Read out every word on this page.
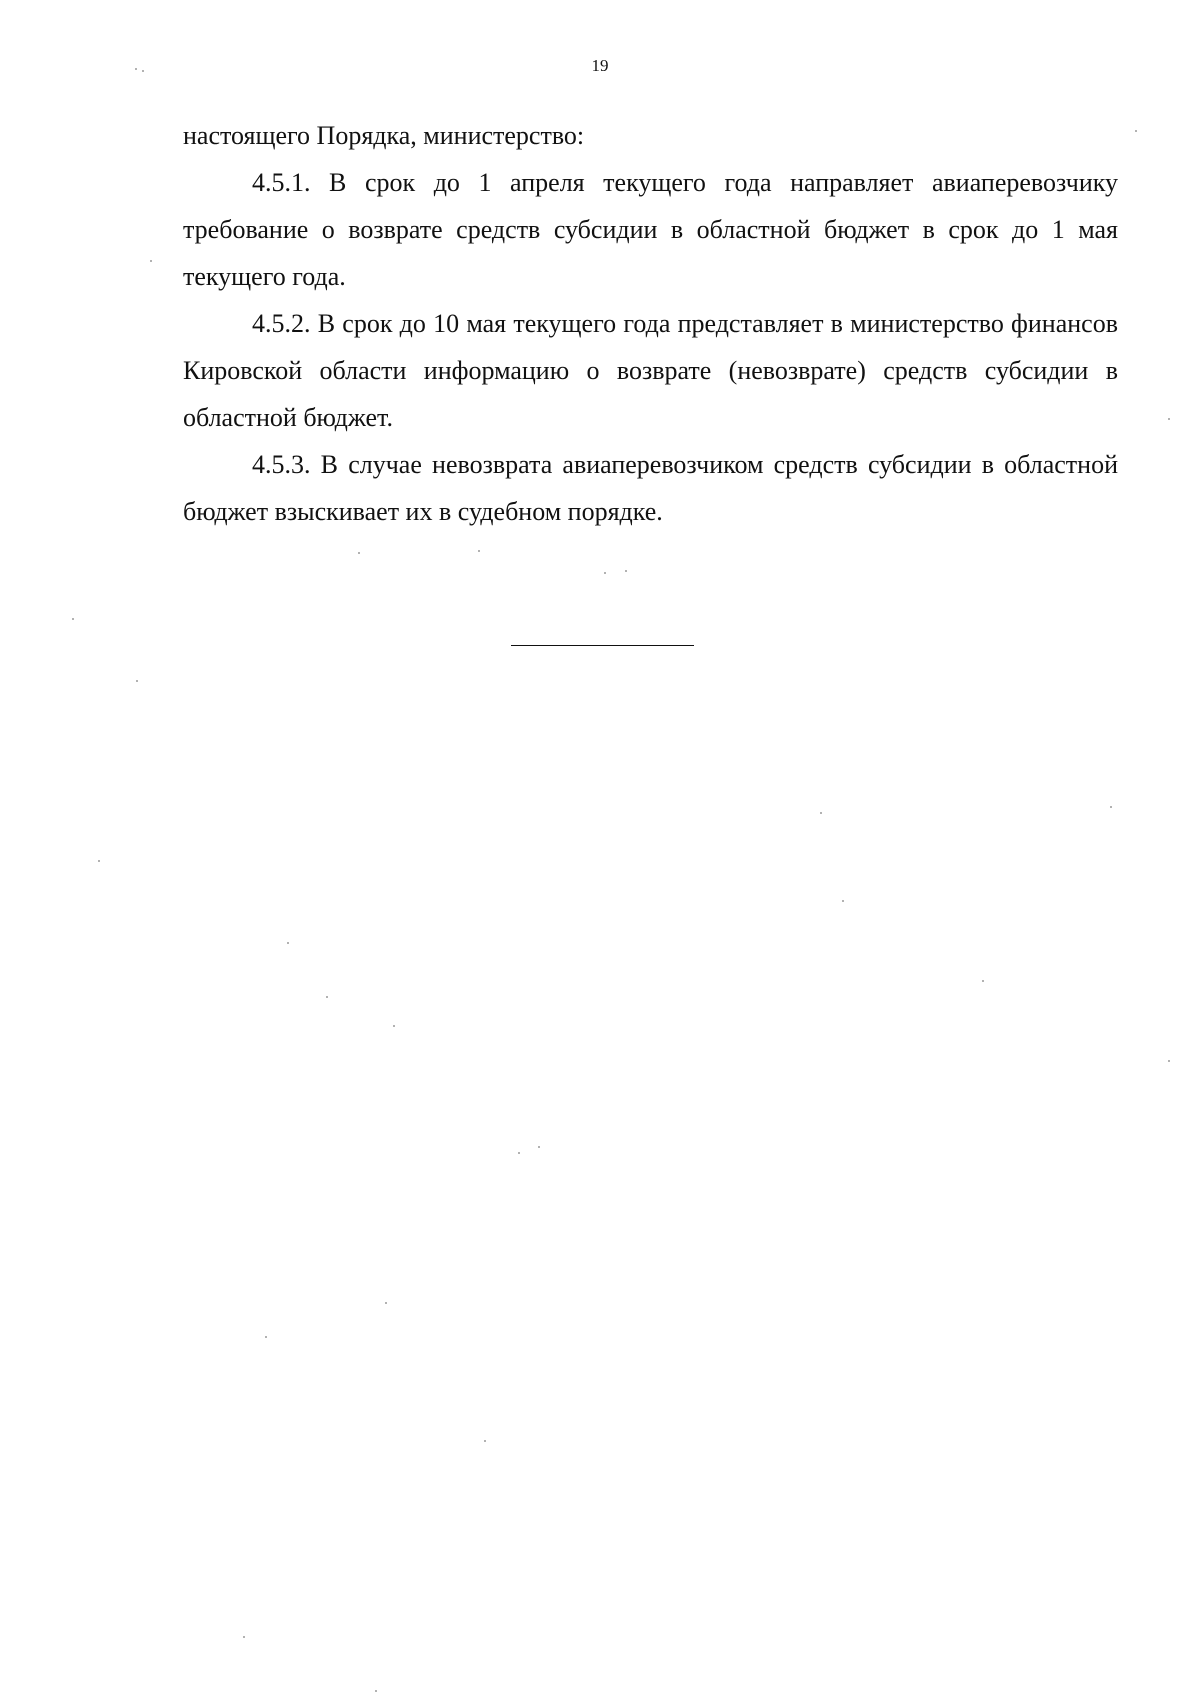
19

настоящего Порядка, министерство:

4.5.1. В срок до 1 апреля текущего года направляет авиаперевозчику требование о возврате средств субсидии в областной бюджет в срок до 1 мая текущего года.

4.5.2. В срок до 10 мая текущего года представляет в министерство финансов Кировской области информацию о возврате (невозврате) средств субсидии в областной бюджет.

4.5.3. В случае невозврата авиаперевозчиком средств субсидии в областной бюджет взыскивает их в судебном порядке.
